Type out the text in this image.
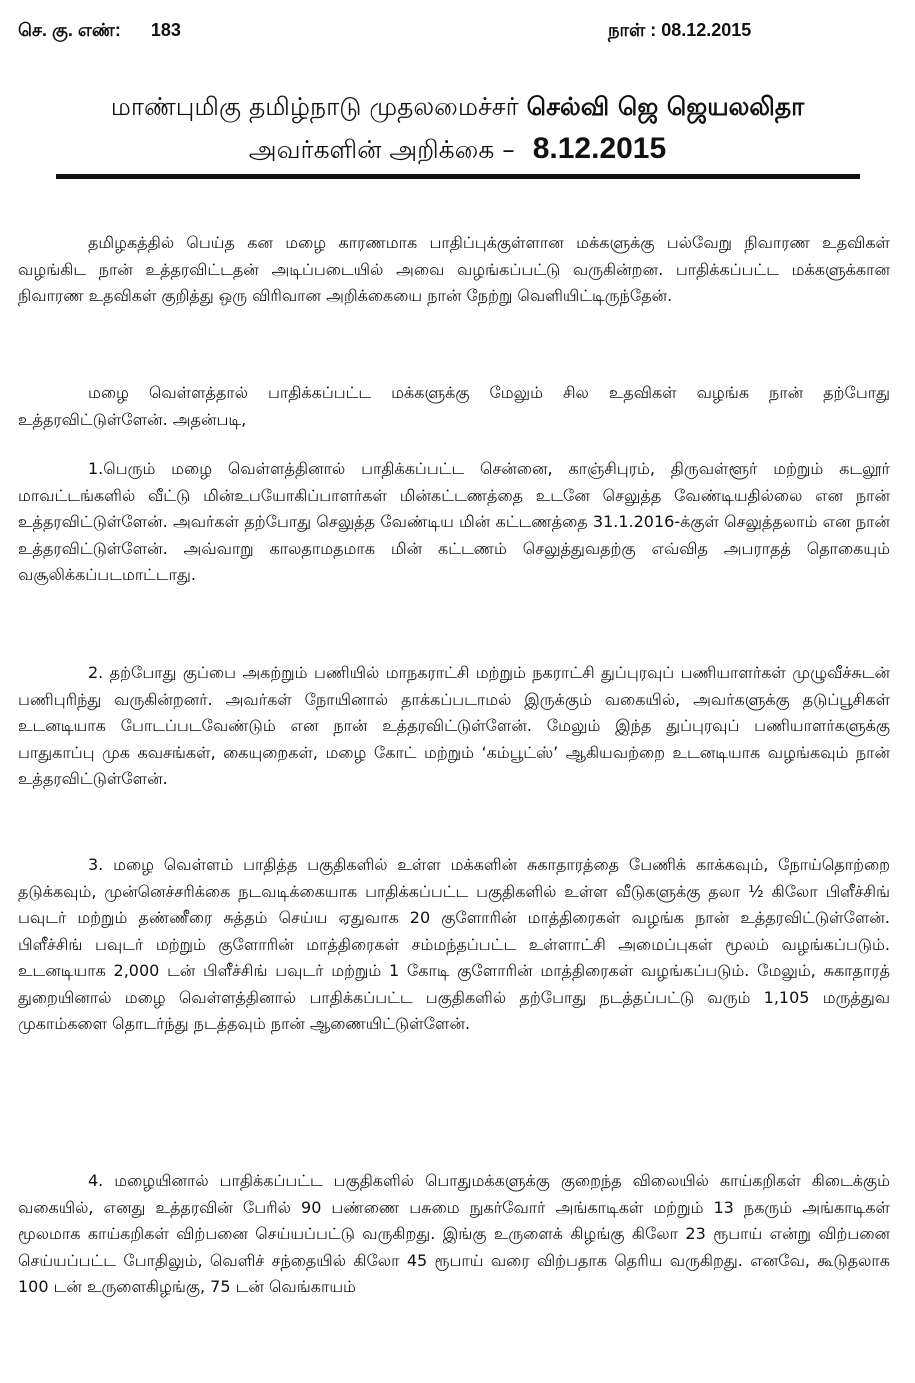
செ. கு. எண்: 183	நாள் : 08.12.2015
மாண்புமிகு தமிழ்நாடு முதலமைச்சர் செல்வி ஜெ ஜெயலலிதா
அவர்களின் அறிக்கை – 8.12.2015

தமிழகத்தில் பெய்த கன மழை காரணமாக பாதிப்புக்குள்ளான மக்களுக்கு பல்வேறு நிவாரண உதவிகள் வழங்கிட நான் உத்தரவிட்டதன் அடிப்படையில் அவை வழங்கப்பட்டு வருகின்றன. பாதிக்கப்பட்ட மக்களுக்கான நிவாரண உதவிகள் குறித்து ஒரு விரிவான அறிக்கையை நான் நேற்று வெளியிட்டிருந்தேன்.

மழை வெள்ளத்தால் பாதிக்கப்பட்ட மக்களுக்கு மேலும் சில உதவிகள் வழங்க நான் தற்போது உத்தரவிட்டுள்ளேன். அதன்படி,

1.பெரும் மழை வெள்ளத்தினால் பாதிக்கப்பட்ட சென்னை, காஞ்சிபுரம், திருவள்ளூர் மற்றும் கடலூர் மாவட்டங்களில் வீட்டு மின்உபயோகிப்பாளர்கள் மின்கட்டணத்தை உடனே செலுத்த வேண்டியதில்லை என நான் உத்தரவிட்டுள்ளேன். அவர்கள் தற்போது செலுத்த வேண்டிய மின் கட்டணத்தை 31.1.2016-க்குள் செலுத்தலாம் என நான் உத்தரவிட்டுள்ளேன். அவ்வாறு காலதாமதமாக மின் கட்டணம் செலுத்துவதற்கு எவ்வித அபராதத் தொகையும் வசூலிக்கப்படமாட்டாது.

2. தற்போது குப்பை அகற்றும் பணியில் மாநகராட்சி மற்றும் நகராட்சி துப்புரவுப் பணியாளர்கள் முழுவீச்சுடன் பணிபுரிந்து வருகின்றனர். அவர்கள் நோயினால் தாக்கப்படாமல் இருக்கும் வகையில், அவர்களுக்கு தடுப்பூசிகள் உடனடியாக போடப்படவேண்டும் என நான் உத்தரவிட்டுள்ளேன். மேலும் இந்த துப்புரவுப் பணியாளர்களுக்கு பாதுகாப்பு முக கவசங்கள், கையுறைகள், மழை கோட் மற்றும் ‘கம்பூட்ஸ்’ ஆகியவற்றை உடனடியாக வழங்கவும் நான் உத்தரவிட்டுள்ளேன்.

3. மழை வெள்ளம் பாதித்த பகுதிகளில் உள்ள மக்களின் சுகாதாரத்தை பேணிக் காக்கவும், நோய்தொற்றை தடுக்கவும், முன்னெச்சரிக்கை நடவடிக்கையாக பாதிக்கப்பட்ட பகுதிகளில் உள்ள வீடுகளுக்கு தலா ½ கிலோ பிளீச்சிங் பவுடர் மற்றும் தண்ணீரை சுத்தம் செய்ய ஏதுவாக 20 குளோரின் மாத்திரைகள் வழங்க நான் உத்தரவிட்டுள்ளேன். பிளீச்சிங் பவுடர் மற்றும் குளோரின் மாத்திரைகள் சம்மந்தப்பட்ட உள்ளாட்சி அமைப்புகள் மூலம் வழங்கப்படும். உடனடியாக 2,000 டன் பிளீச்சிங் பவுடர் மற்றும் 1 கோடி குளோரின் மாத்திரைகள் வழங்கப்படும். மேலும், சுகாதாரத் துறையினால் மழை வெள்ளத்தினால் பாதிக்கப்பட்ட பகுதிகளில் தற்போது நடத்தப்பட்டு வரும் 1,105 மருத்துவ முகாம்களை தொடர்ந்து நடத்தவும் நான் ஆணையிட்டுள்ளேன்.

4. மழையினால் பாதிக்கப்பட்ட பகுதிகளில் பொதுமக்களுக்கு குறைந்த விலையில் காய்கறிகள் கிடைக்கும் வகையில், எனது உத்தரவின் பேரில் 90 பண்ணை பசுமை நுகர்வோர் அங்காடிகள் மற்றும் 13 நகரும் அங்காடிகள் மூலமாக காய்கறிகள் விற்பனை செய்யப்பட்டு வருகிறது. இங்கு உருளைக் கிழங்கு கிலோ 23 ரூபாய் என்று விற்பனை செய்யப்பட்ட போதிலும், வெளிச் சந்தையில் கிலோ 45 ரூபாய் வரை விற்பதாக தெரிய வருகிறது. எனவே, கூடுதலாக 100 டன் உருளைகிழங்கு, 75 டன் வெங்காயம்
